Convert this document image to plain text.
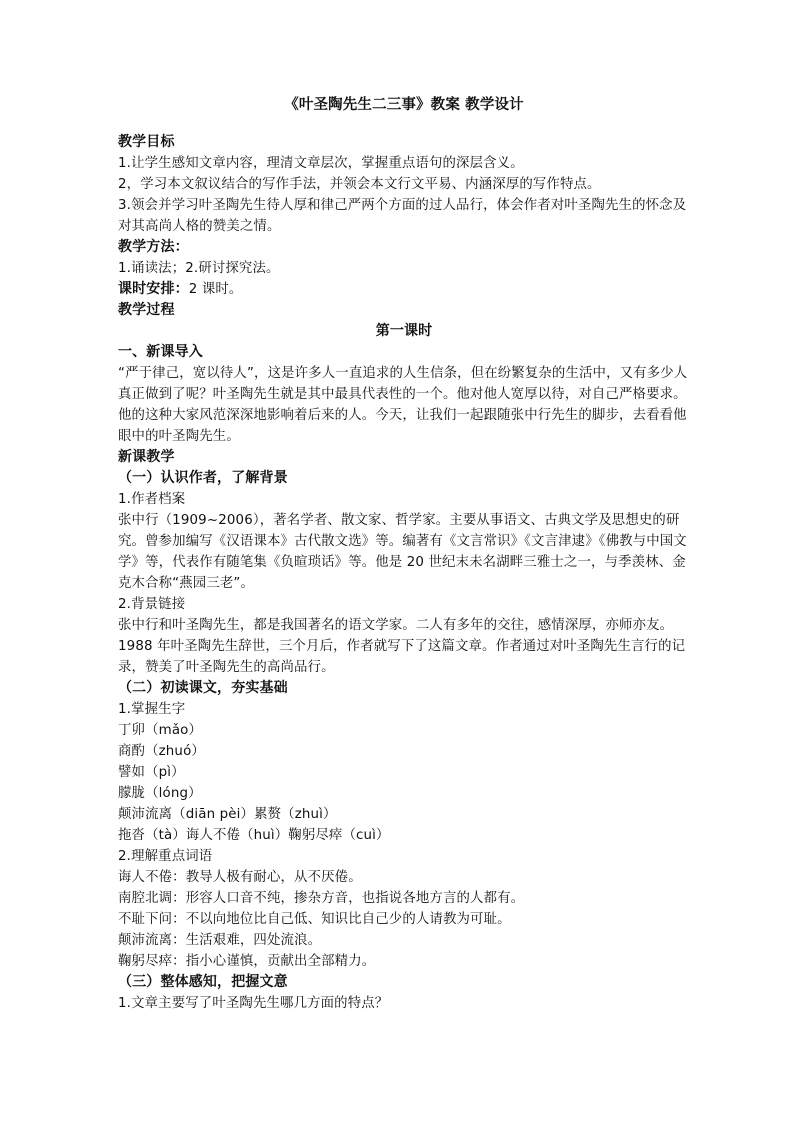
《叶圣陶先生二三事》教案 教学设计

教学目标

1.让学生感知文章内容，理清文章层次，掌握重点语句的深层含义。

2，学习本文叙议结合的写作手法，并领会本文行文平易、内涵深厚的写作特点。

3.领会并学习叶圣陶先生待人厚和律己严两个方面的过人品行，体会作者对叶圣陶先生的怀念及对其高尚人格的赞美之情。

教学方法：

1.诵读法；2.研讨探究法。

课时安排：2 课时。

教学过程

第一课时

一、新课导入

“严于律己，宽以待人”，这是许多人一直追求的人生信条，但在纷繁复杂的生活中，又有多少人真正做到了呢？叶圣陶先生就是其中最具代表性的一个。他对他人宽厚以待，对自己严格要求。他的这种大家风范深深地影响着后来的人。今天，让我们一起跟随张中行先生的脚步，去看看他眼中的叶圣陶先生。

新课教学

（一）认识作者，了解背景

1.作者档案

张中行（1909~2006），著名学者、散文家、哲学家。主要从事语文、古典文学及思想史的研究。曾参加编写《汉语课本》古代散文选》等。编著有《文言常识》《文言津逮》《佛教与中国文学》等，代表作有随笔集《负暄琐话》等。他是 20 世纪末未名湖畔三雅士之一，与季羡林、金克木合称“燕园三老”。

2.背景链接

张中行和叶圣陶先生，都是我国著名的语文学家。二人有多年的交往，感情深厚，亦师亦友。1988 年叶圣陶先生辞世，三个月后，作者就写下了这篇文章。作者通过对叶圣陶先生言行的记录，赞美了叶圣陶先生的高尚品行。

（二）初读课文，夯实基础

1.掌握生字

丁卯（mǎo）

商酌（zhuó）

譬如（pì）

朦胧（lóng）

颠沛流离（diān pèi）累赘（zhuì）

拖沓（tà）诲人不倦（huì）鞠躬尽瘁（cuì）

2.理解重点词语

诲人不倦：教导人极有耐心，从不厌倦。

南腔北调：形容人口音不纯，掺杂方音，也指说各地方言的人都有。

不耻下问：不以向地位比自己低、知识比自己少的人请教为可耻。

颠沛流离：生活艰难，四处流浪。

鞠躬尽瘁：指小心谨慎，贡献出全部精力。

（三）整体感知，把握文意

1.文章主要写了叶圣陶先生哪几方面的特点？
